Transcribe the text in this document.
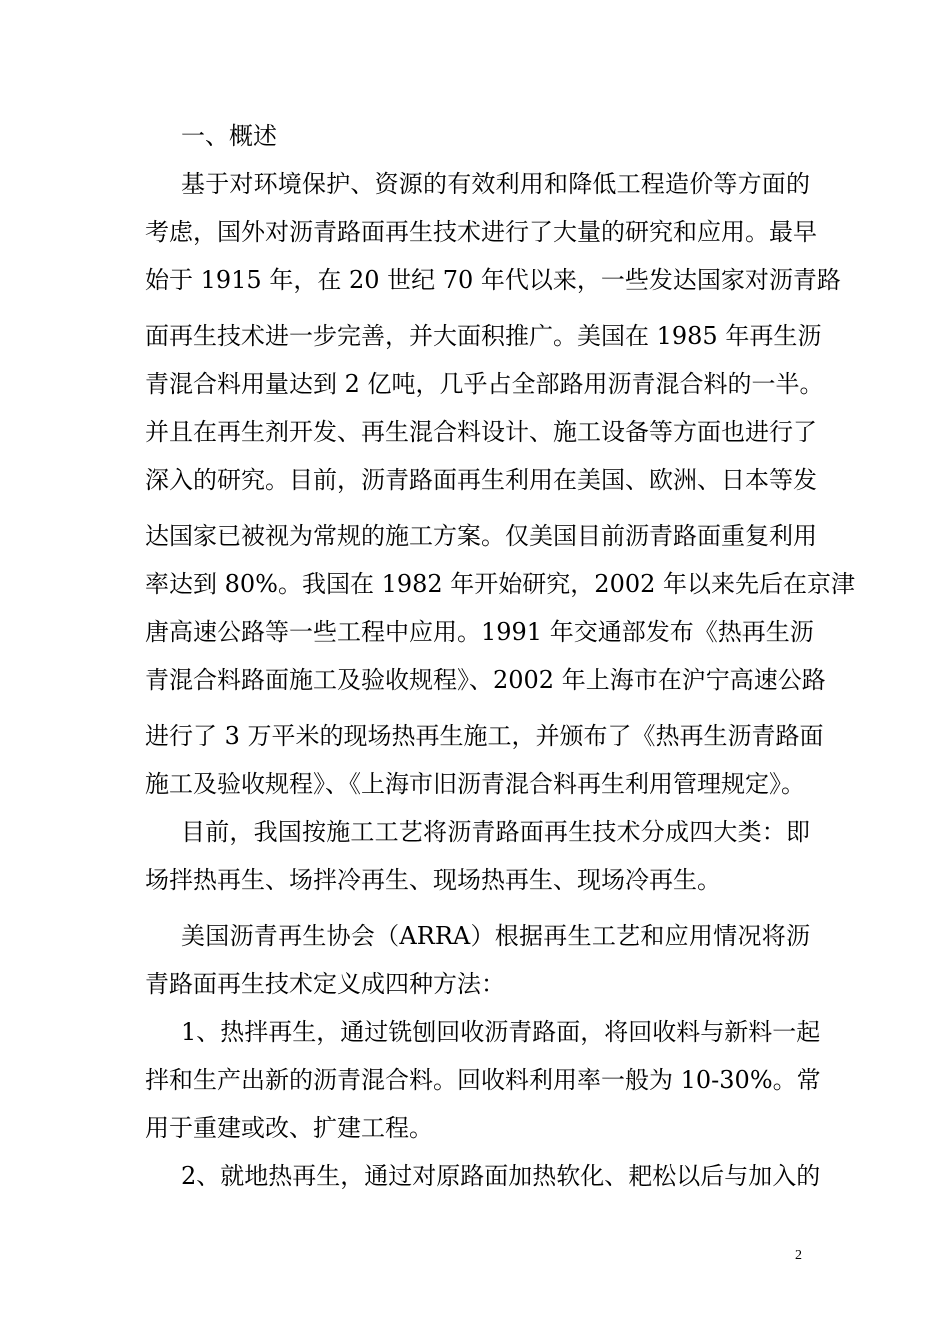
一、概述
基于对环境保护、资源的有效利用和降低工程造价等方面的
考虑，国外对沥青路面再生技术进行了大量的研究和应用。最早
始于 1915 年，在 20 世纪 70 年代以来，一些发达国家对沥青路
面再生技术进一步完善，并大面积推广。美国在 1985 年再生沥
青混合料用量达到 2 亿吨，几乎占全部路用沥青混合料的一半。
并且在再生剂开发、再生混合料设计、施工设备等方面也进行了
深入的研究。目前，沥青路面再生利用在美国、欧洲、日本等发
达国家已被视为常规的施工方案。仅美国目前沥青路面重复利用
率达到 80%。我国在 1982 年开始研究，2002 年以来先后在京津
唐高速公路等一些工程中应用。1991 年交通部发布《热再生沥
青混合料路面施工及验收规程》、2002 年上海市在沪宁高速公路
进行了 3 万平米的现场热再生施工，并颁布了《热再生沥青路面
施工及验收规程》、《上海市旧沥青混合料再生利用管理规定》。
目前，我国按施工工艺将沥青路面再生技术分成四大类：即
场拌热再生、场拌冷再生、现场热再生、现场冷再生。
美国沥青再生协会（ARRA）根据再生工艺和应用情况将沥
青路面再生技术定义成四种方法：
1、热拌再生，通过铣刨回收沥青路面，将回收料与新料一起
拌和生产出新的沥青混合料。回收料利用率一般为 10-30%。常
用于重建或改、扩建工程。
2、就地热再生，通过对原路面加热软化、耙松以后与加入的
2
